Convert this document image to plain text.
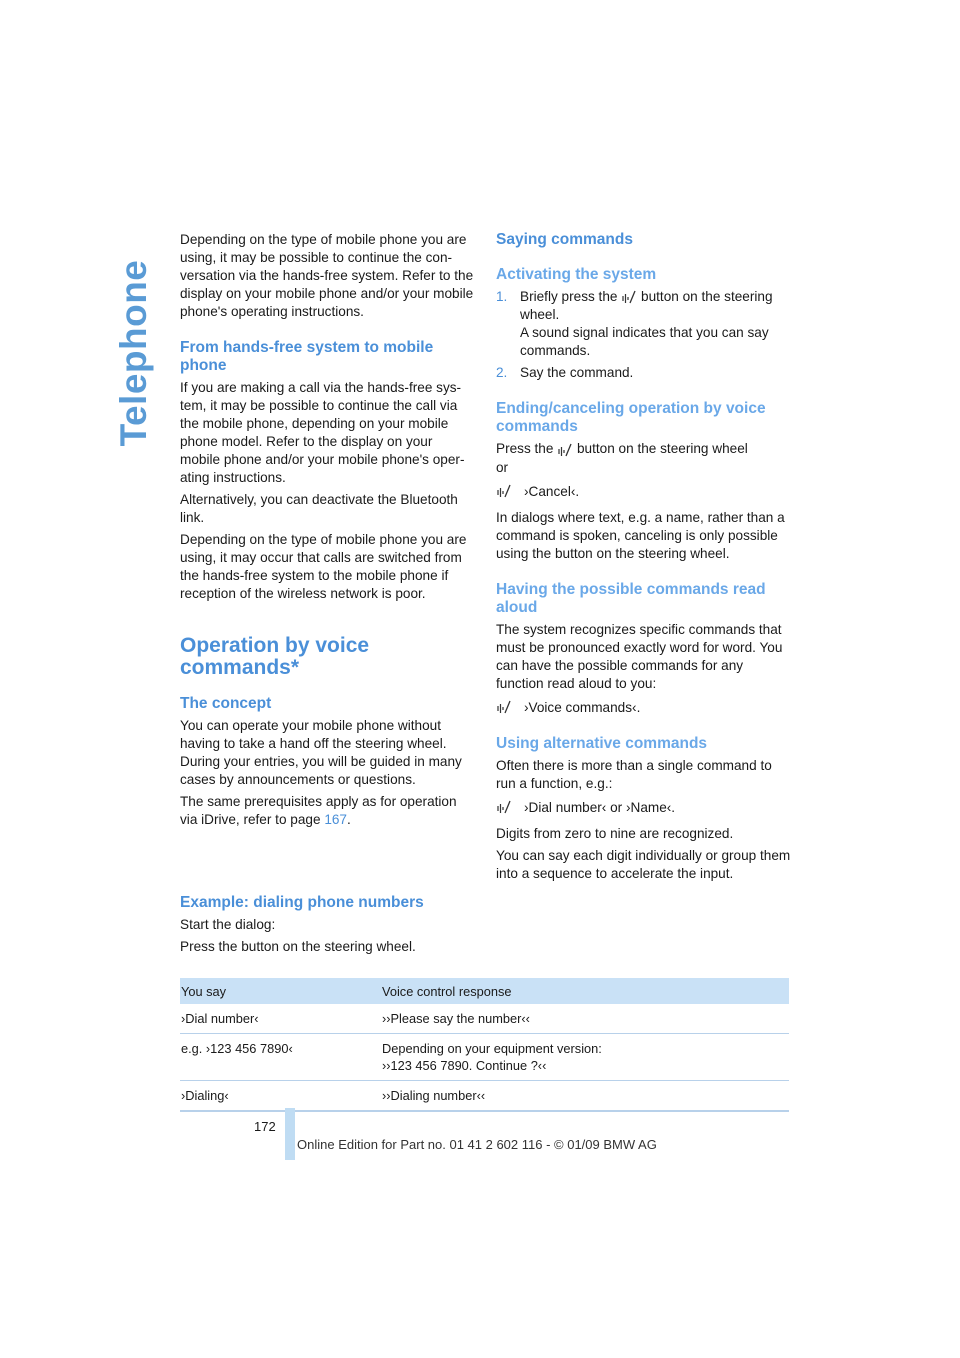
Telephone

Depending on the type of mobile phone you are using, it may be possible to continue the conversation via the hands-free system. Refer to the display on your mobile phone and/or your mobile phone's operating instructions.

From hands-free system to mobile phone

If you are making a call via the hands-free system, it may be possible to continue the call via the mobile phone, depending on your mobile phone model. Refer to the display on your mobile phone and/or your mobile phone's operating instructions.

Alternatively, you can deactivate the Bluetooth link.

Depending on the type of mobile phone you are using, it may occur that calls are switched from the hands-free system to the mobile phone if reception of the wireless network is poor.

Operation by voice commands*
The concept

You can operate your mobile phone without having to take a hand off the steering wheel. During your entries, you will be guided in many cases by announcements or questions.

The same prerequisites apply as for operation via iDrive, refer to page 167.

Saying commands
Activating the system
1. Briefly press the  button on the steering wheel.
A sound signal indicates that you can say commands.
2. Say the command.
Ending/canceling operation by voice commands

Press the  button on the steering wheel
or

›Cancel‹.

In dialogs where text, e.g. a name, rather than a command is spoken, canceling is only possible using the button on the steering wheel.

Having the possible commands read aloud

The system recognizes specific commands that must be pronounced exactly word for word. You can have the possible commands for any function read aloud to you:

›Voice commands‹.
Using alternative commands

Often there is more than a single command to run a function, e.g.:

›Dial number‹ or ›Name‹.

Digits from zero to nine are recognized.

You can say each digit individually or group them into a sequence to accelerate the input.

Example: dialing phone numbers

Start the dialog:

Press the button on the steering wheel.

You say	Voice control response
›Dial number‹	››Please say the number‹‹
e.g. ›123 456 7890‹	Depending on your equipment version:
››123 456 7890. Continue ?‹‹
›Dialing‹	››Dialing number‹‹
172
Online Edition for Part no. 01 41 2 602 116 - © 01/09 BMW AG
